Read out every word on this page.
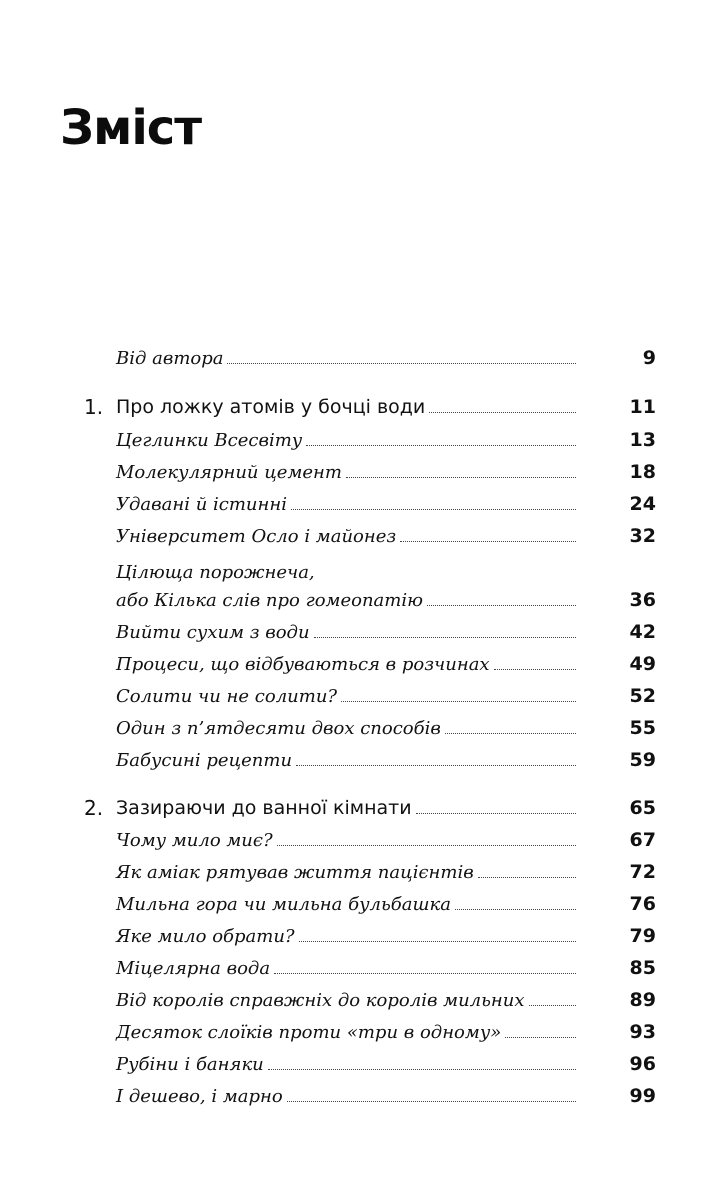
Зміст
Від автора	9
1. Про ложку атомів у бочці води	11
Цеглинки Всесвіту	13
Молекулярний цемент	18
Удавані й істинні	24
Університет Осло і майонез	32
Цілюща порожнеча,
або Кілька слів про гомеопатію	36
Вийти сухим з води	42
Процеси, що відбуваються в розчинах	49
Солити чи не солити?	52
Один з п’ятдесяти двох способів	55
Бабусині рецепти	59
2. Зазираючи до ванної кімнати	65
Чому мило миє?	67
Як аміак рятував життя пацієнтів	72
Мильна гора чи мильна бульбашка	76
Яке мило обрати?	79
Міцелярна вода	85
Від королів справжніх до королів мильних	89
Десяток слоїків проти «три в одному»	93
Рубіни і баняки	96
І дешево, і марно	99
